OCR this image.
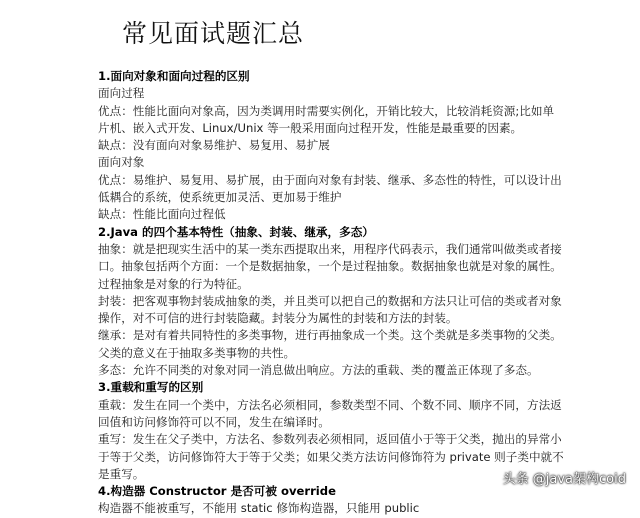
常见面试题汇总
1.面向对象和面向过程的区别
面向过程
优点：性能比面向对象高，因为类调用时需要实例化，开销比较大，比较消耗资源;比如单
片机、嵌入式开发、Linux/Unix 等一般采用面向过程开发，性能是最重要的因素。
缺点：没有面向对象易维护、易复用、易扩展
面向对象
优点：易维护、易复用、易扩展，由于面向对象有封装、继承、多态性的特性，可以设计出
低耦合的系统，使系统更加灵活、更加易于维护
缺点：性能比面向过程低
2.Java 的四个基本特性（抽象、封装、继承，多态）
抽象：就是把现实生活中的某一类东西提取出来，用程序代码表示，我们通常叫做类或者接
口。抽象包括两个方面：一个是数据抽象，一个是过程抽象。数据抽象也就是对象的属性。
过程抽象是对象的行为特征。
封装：把客观事物封装成抽象的类，并且类可以把自己的数据和方法只让可信的类或者对象
操作，对不可信的进行封装隐藏。封装分为属性的封装和方法的封装。
继承：是对有着共同特性的多类事物，进行再抽象成一个类。这个类就是多类事物的父类。
父类的意义在于抽取多类事物的共性。
多态：允许不同类的对象对同一消息做出响应。方法的重载、类的覆盖正体现了多态。
3.重载和重写的区别
重载：发生在同一个类中，方法名必须相同，参数类型不同、个数不同、顺序不同，方法返
回值和访问修饰符可以不同，发生在编译时。
重写：发生在父子类中，方法名、参数列表必须相同，返回值小于等于父类，抛出的异常小
于等于父类，访问修饰符大于等于父类；如果父类方法访问修饰符为 private 则子类中就不
是重写。
4.构造器 Constructor 是否可被 override
构造器不能被重写，不能用 static 修饰构造器，只能用 public
头条 @java架构coid
